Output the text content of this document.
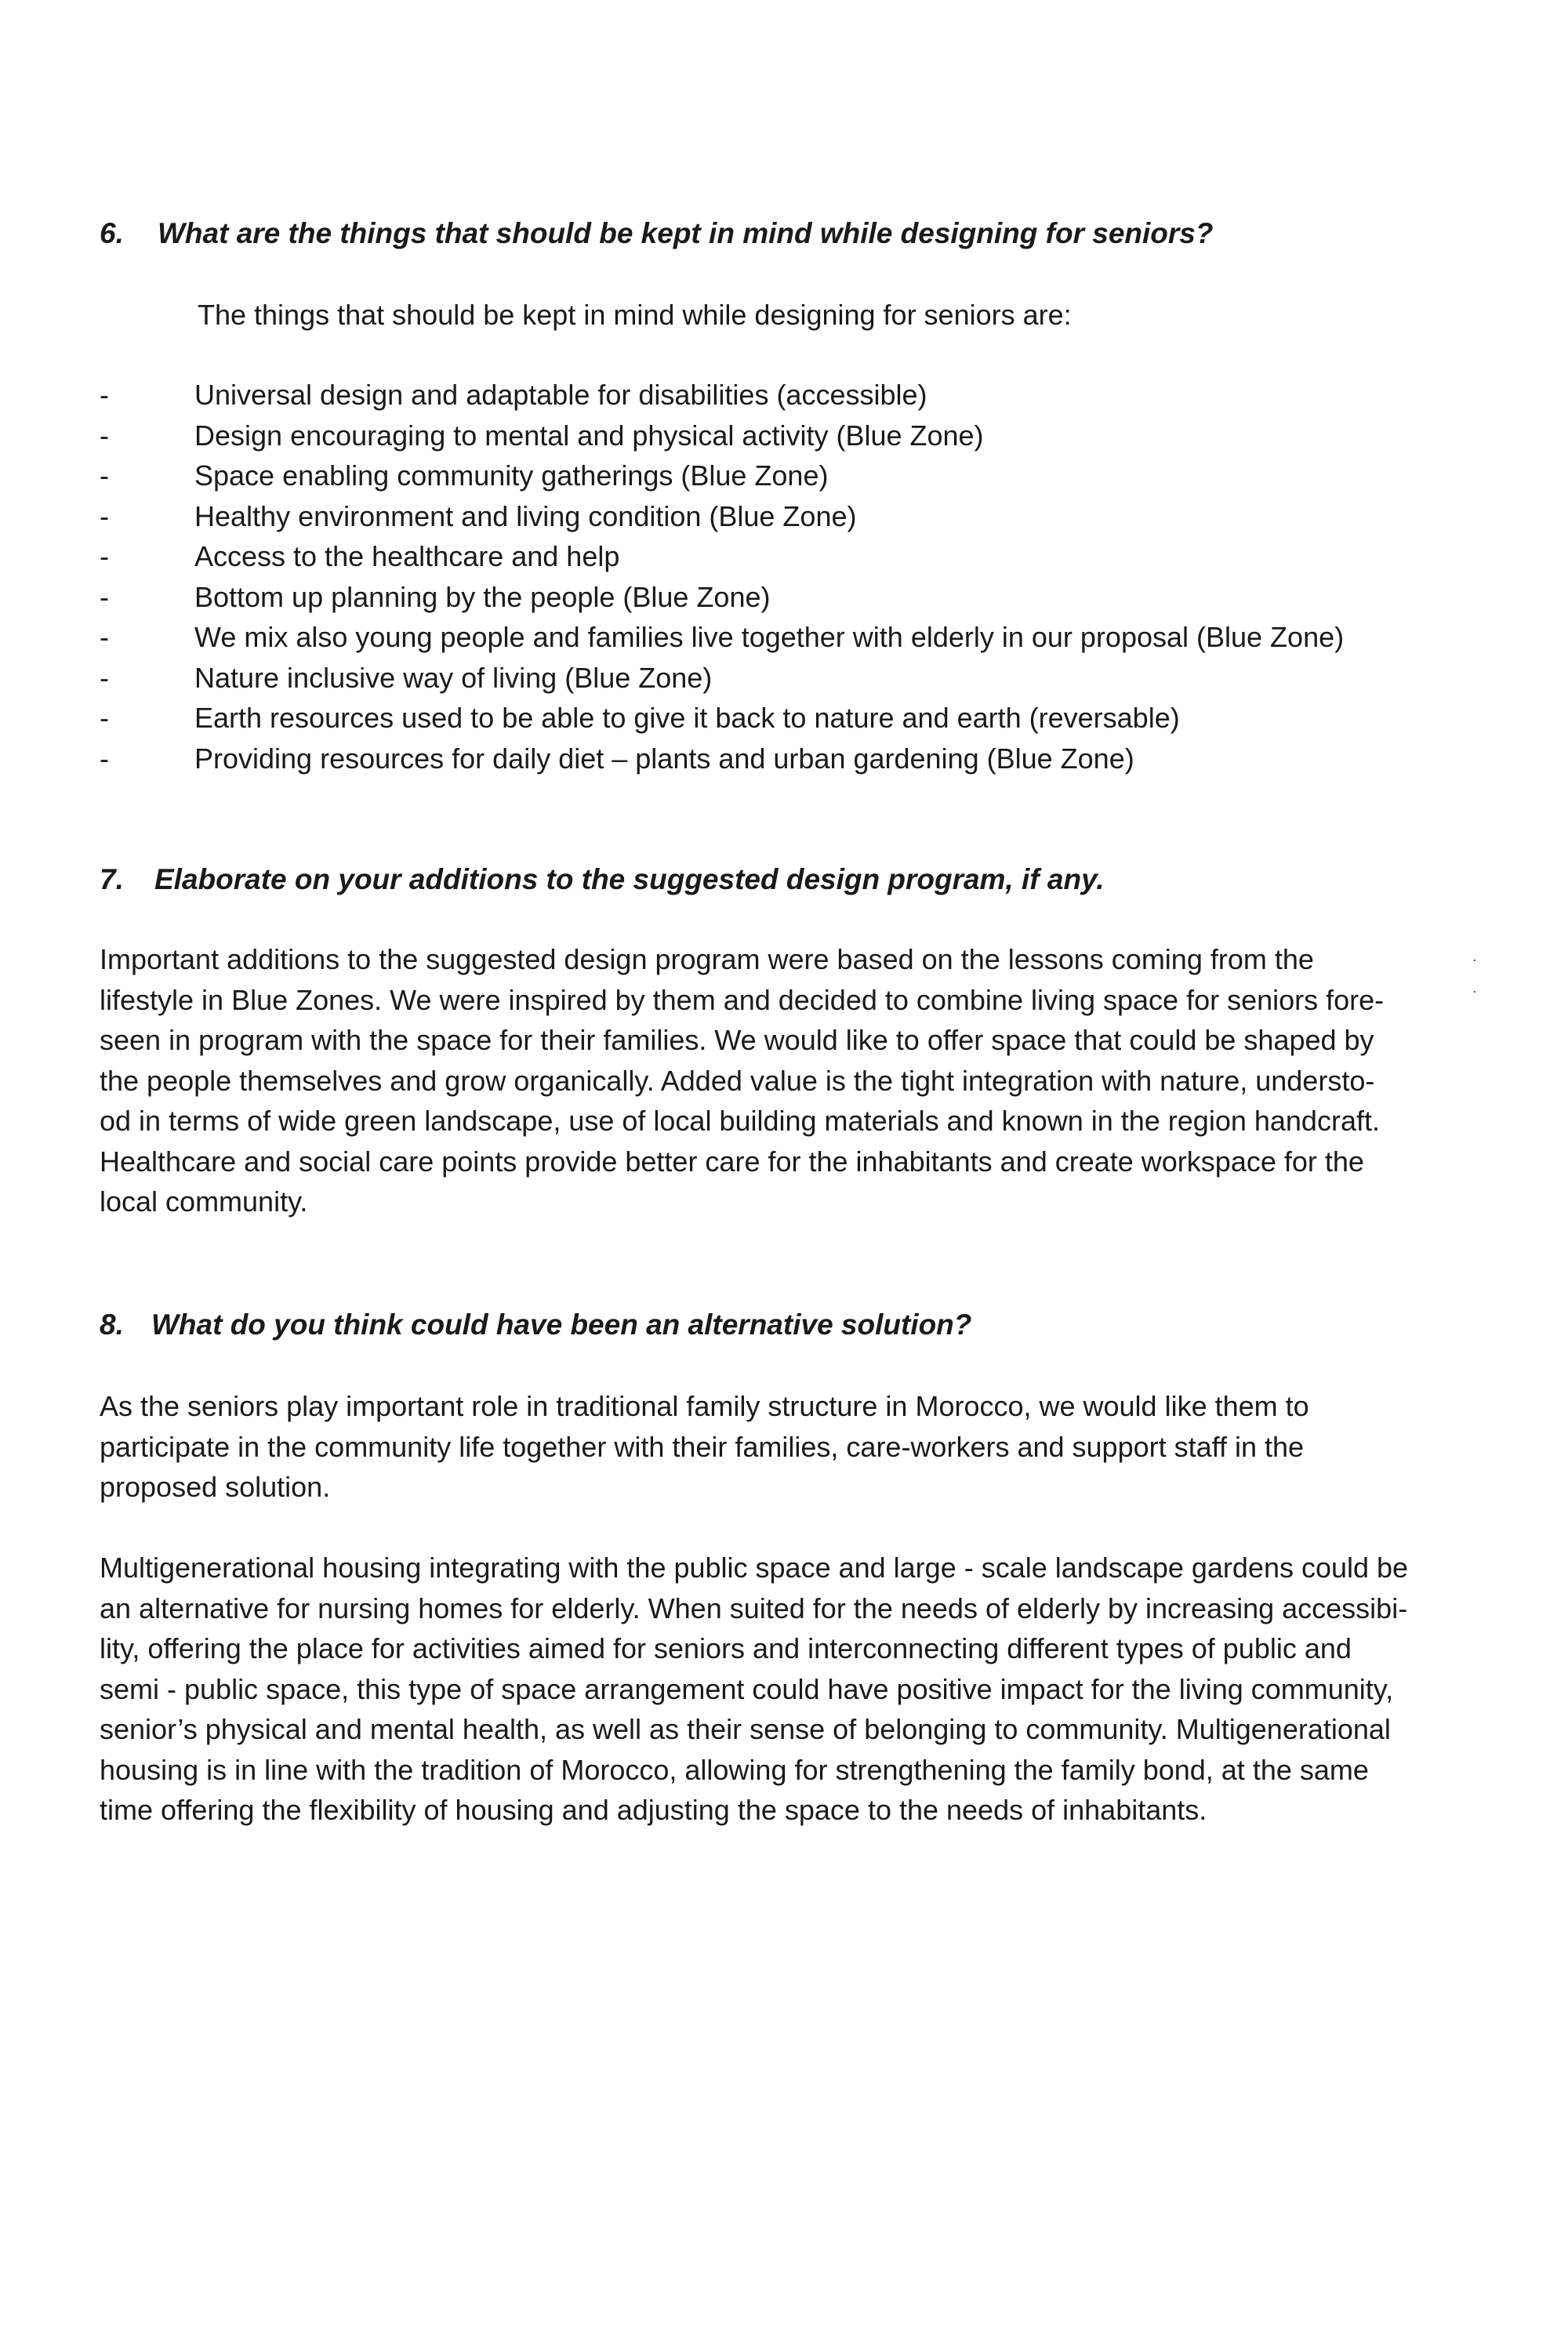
6. What are the things that should be kept in mind while designing for seniors?

The things that should be kept in mind while designing for seniors are:

-	Universal design and adaptable for disabilities (accessible)
-	Design encouraging to mental and physical activity (Blue Zone)
-	Space enabling community gatherings (Blue Zone)
-	Healthy environment and living condition (Blue Zone)
-	Access to the healthcare and help
-	Bottom up planning by the people (Blue Zone)
-	We mix also young people and families live together with elderly in our proposal (Blue Zone)
-	Nature inclusive way of living (Blue Zone)
-	Earth resources used to be able to give it back to nature and earth (reversable)
-	Providing resources for daily diet – plants and urban gardening (Blue Zone)
7. Elaborate on your additions to the suggested design program, if any.
Important additions to the suggested design program were based on the lessons coming from the
lifestyle in Blue Zones. We were inspired by them and decided to combine living space for seniors fore-
seen in program with the space for their families. We would like to offer space that could be shaped by
the people themselves and grow organically. Added value is the tight integration with nature, understo-
od in terms of wide green landscape, use of local building materials and known in the region handcraft.
Healthcare and social care points provide better care for the inhabitants and create workspace for the
local community.
.
.
8. What do you think could have been an alternative solution?
As the seniors play important role in traditional family structure in Morocco, we would like them to
participate in the community life together with their families, care-workers and support staff in the
proposed solution.
Multigenerational housing integrating with the public space and large - scale landscape gardens could be
an alternative for nursing homes for elderly. When suited for the needs of elderly by increasing accessibi-
lity, offering the place for activities aimed for seniors and interconnecting different types of public and
semi - public space, this type of space arrangement could have positive impact for the living community,
senior’s physical and mental health, as well as their sense of belonging to community. Multigenerational
housing is in line with the tradition of Morocco, allowing for strengthening the family bond, at the same
time offering the flexibility of housing and adjusting the space to the needs of inhabitants.
